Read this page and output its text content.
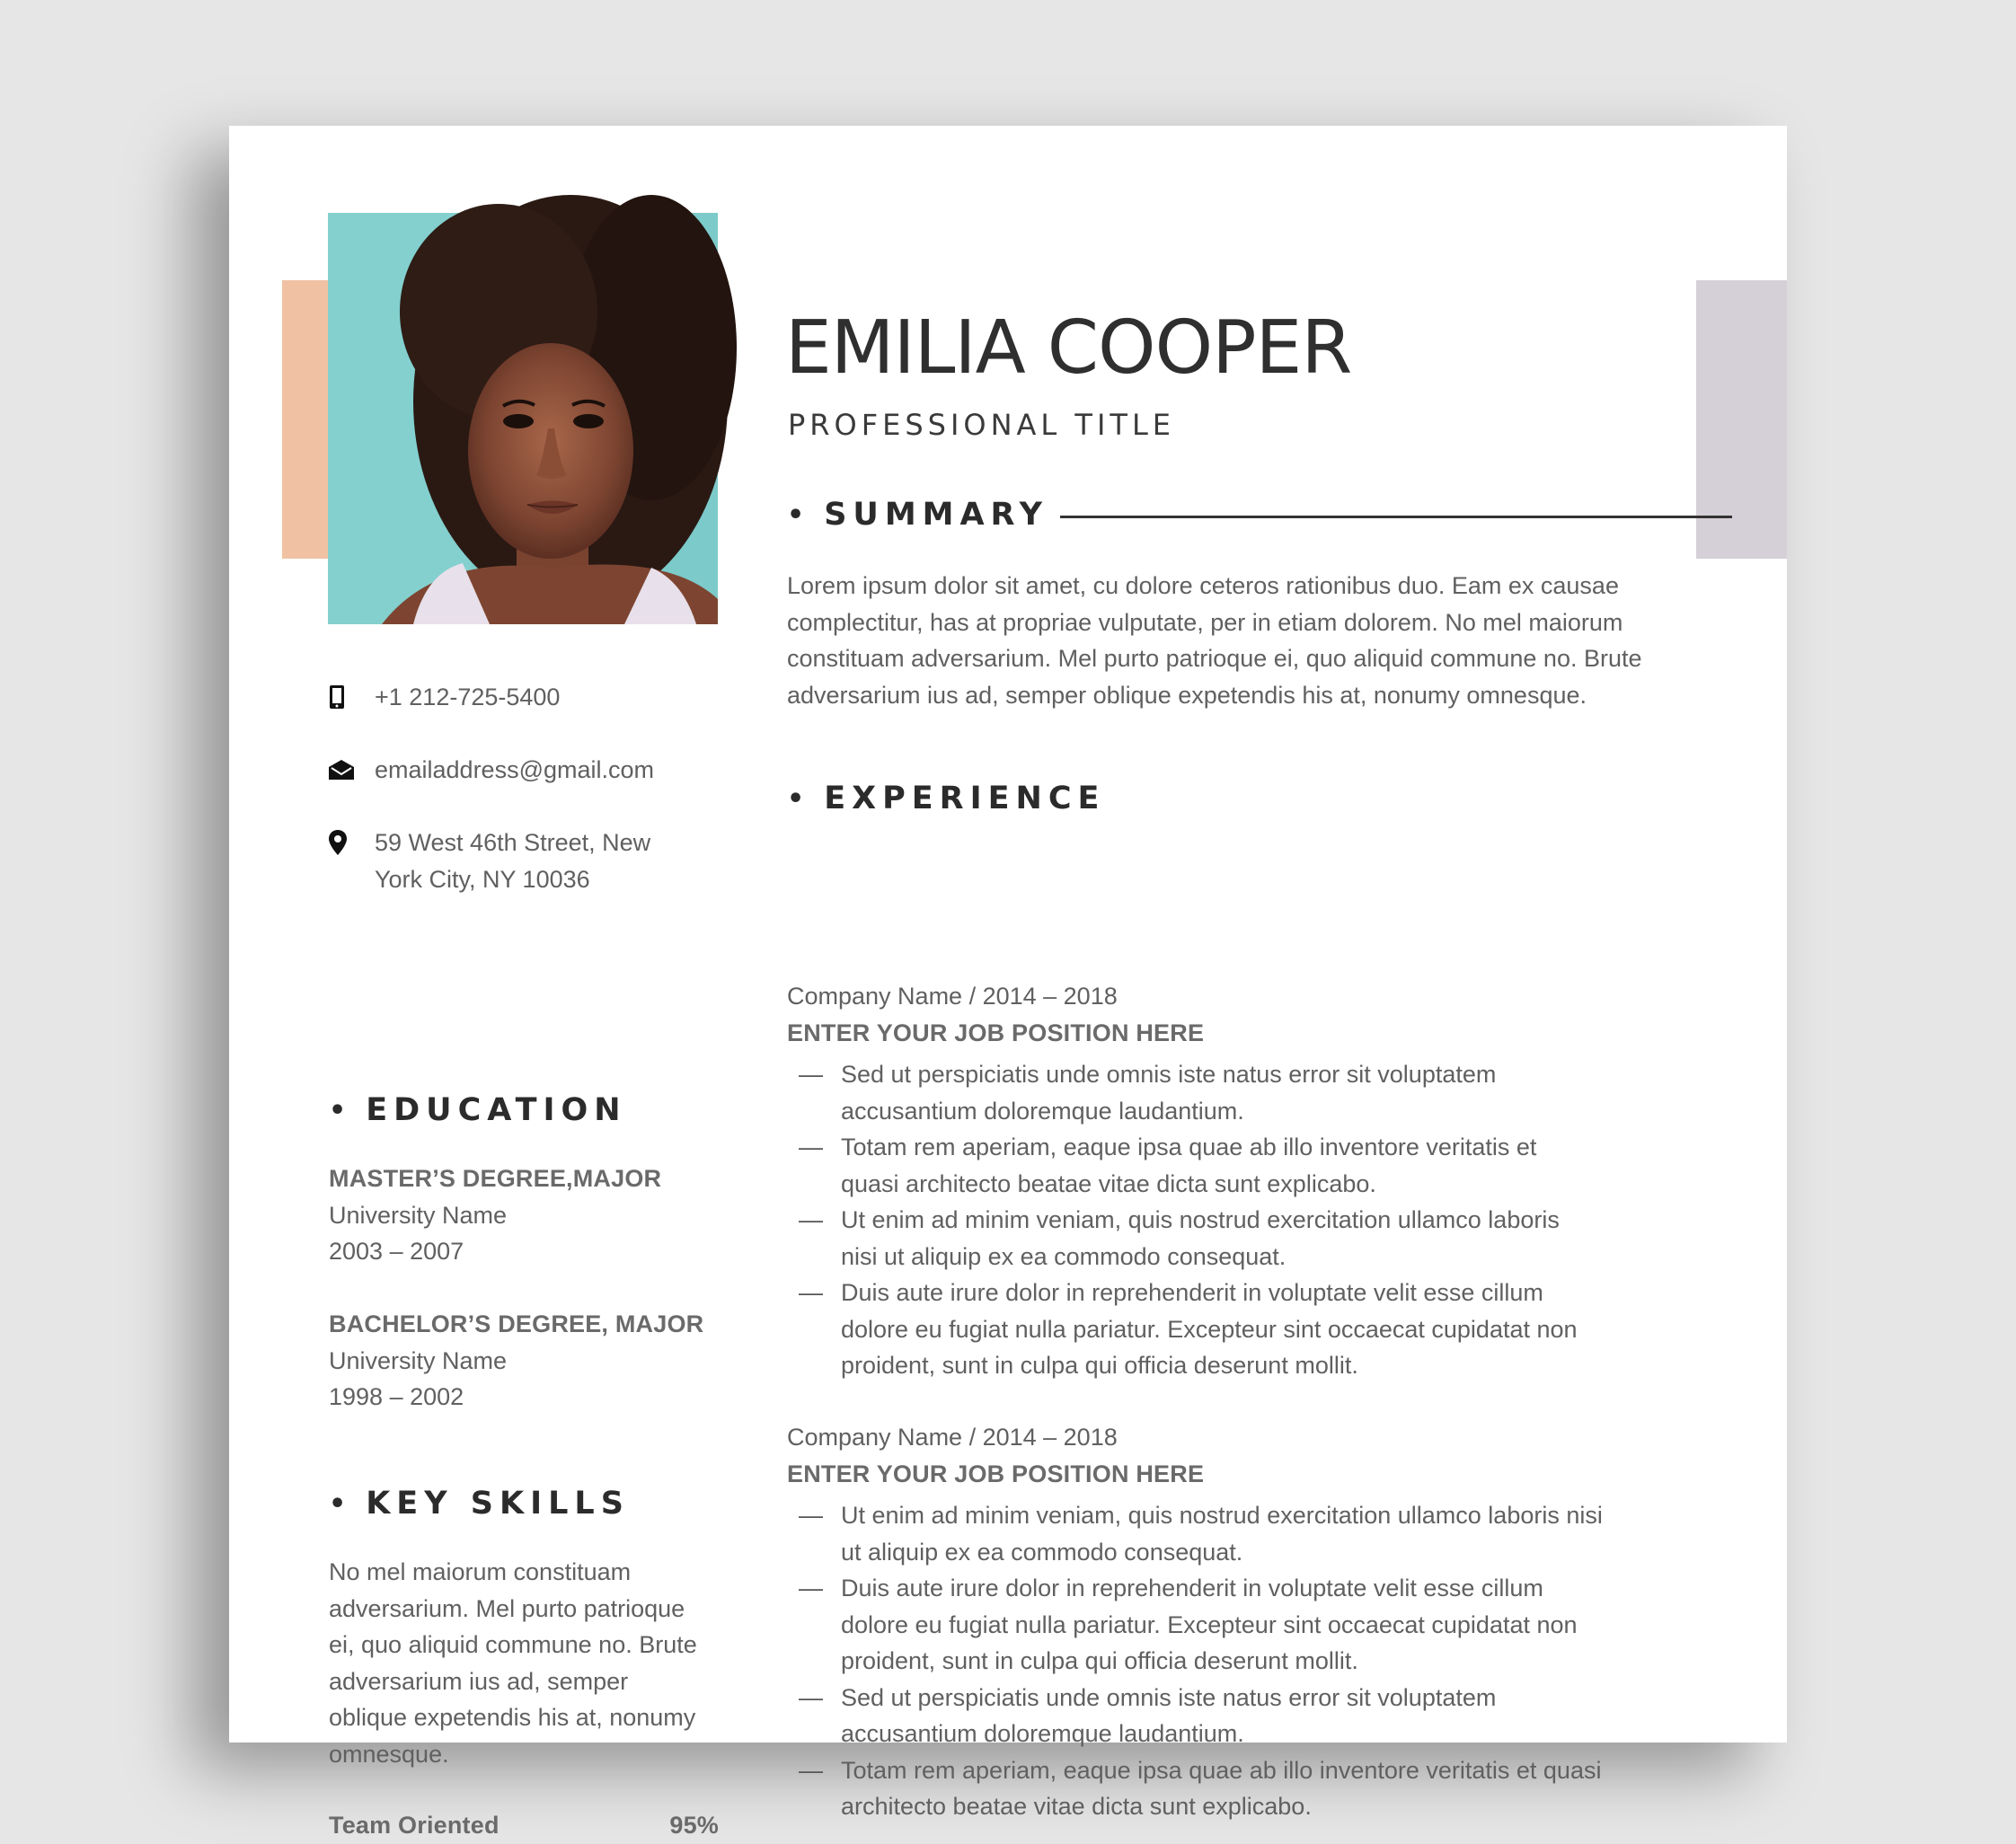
EMILIA COOPER
PROFESSIONAL TITLE
• SUMMARY
Lorem ipsum dolor sit amet, cu dolore ceteros rationibus duo. Eam ex causae
complectitur, has at propriae vulputate, per in etiam dolorem. No mel maiorum
constituam adversarium. Mel purto patrioque ei, quo aliquid commune no. Brute
adversarium ius ad, semper oblique expetendis his at, nonumy omnesque.
+1 212-725-5400
emailaddress@gmail.com
59 West 46th Street, New
York City, NY 10036
• EDUCATION
MASTER’S DEGREE,MAJOR
University Name
2003 – 2007
BACHELOR’S DEGREE, MAJOR
University Name
1998 – 2002
• KEY SKILLS
No mel maiorum constituam
adversarium. Mel purto patrioque
ei, quo aliquid commune no. Brute
adversarium ius ad, semper
oblique expetendis his at, nonumy
omnesque.
Team Oriented	95%
• EXPERIENCE
Company Name / 2014 – 2018
ENTER YOUR JOB POSITION HERE
— Sed ut perspiciatis unde omnis iste natus error sit voluptatem
accusantium doloremque laudantium.
— Totam rem aperiam, eaque ipsa quae ab illo inventore veritatis et
quasi architecto beatae vitae dicta sunt explicabo.
— Ut enim ad minim veniam, quis nostrud exercitation ullamco laboris
nisi ut aliquip ex ea commodo consequat.
— Duis aute irure dolor in reprehenderit in voluptate velit esse cillum
dolore eu fugiat nulla pariatur. Excepteur sint occaecat cupidatat non
proident, sunt in culpa qui officia deserunt mollit.
Company Name / 2014 – 2018
ENTER YOUR JOB POSITION HERE
— Ut enim ad minim veniam, quis nostrud exercitation ullamco laboris nisi
ut aliquip ex ea commodo consequat.
— Duis aute irure dolor in reprehenderit in voluptate velit esse cillum
dolore eu fugiat nulla pariatur. Excepteur sint occaecat cupidatat non
proident, sunt in culpa qui officia deserunt mollit.
— Sed ut perspiciatis unde omnis iste natus error sit voluptatem
accusantium doloremque laudantium.
— Totam rem aperiam, eaque ipsa quae ab illo inventore veritatis et quasi
architecto beatae vitae dicta sunt explicabo.
